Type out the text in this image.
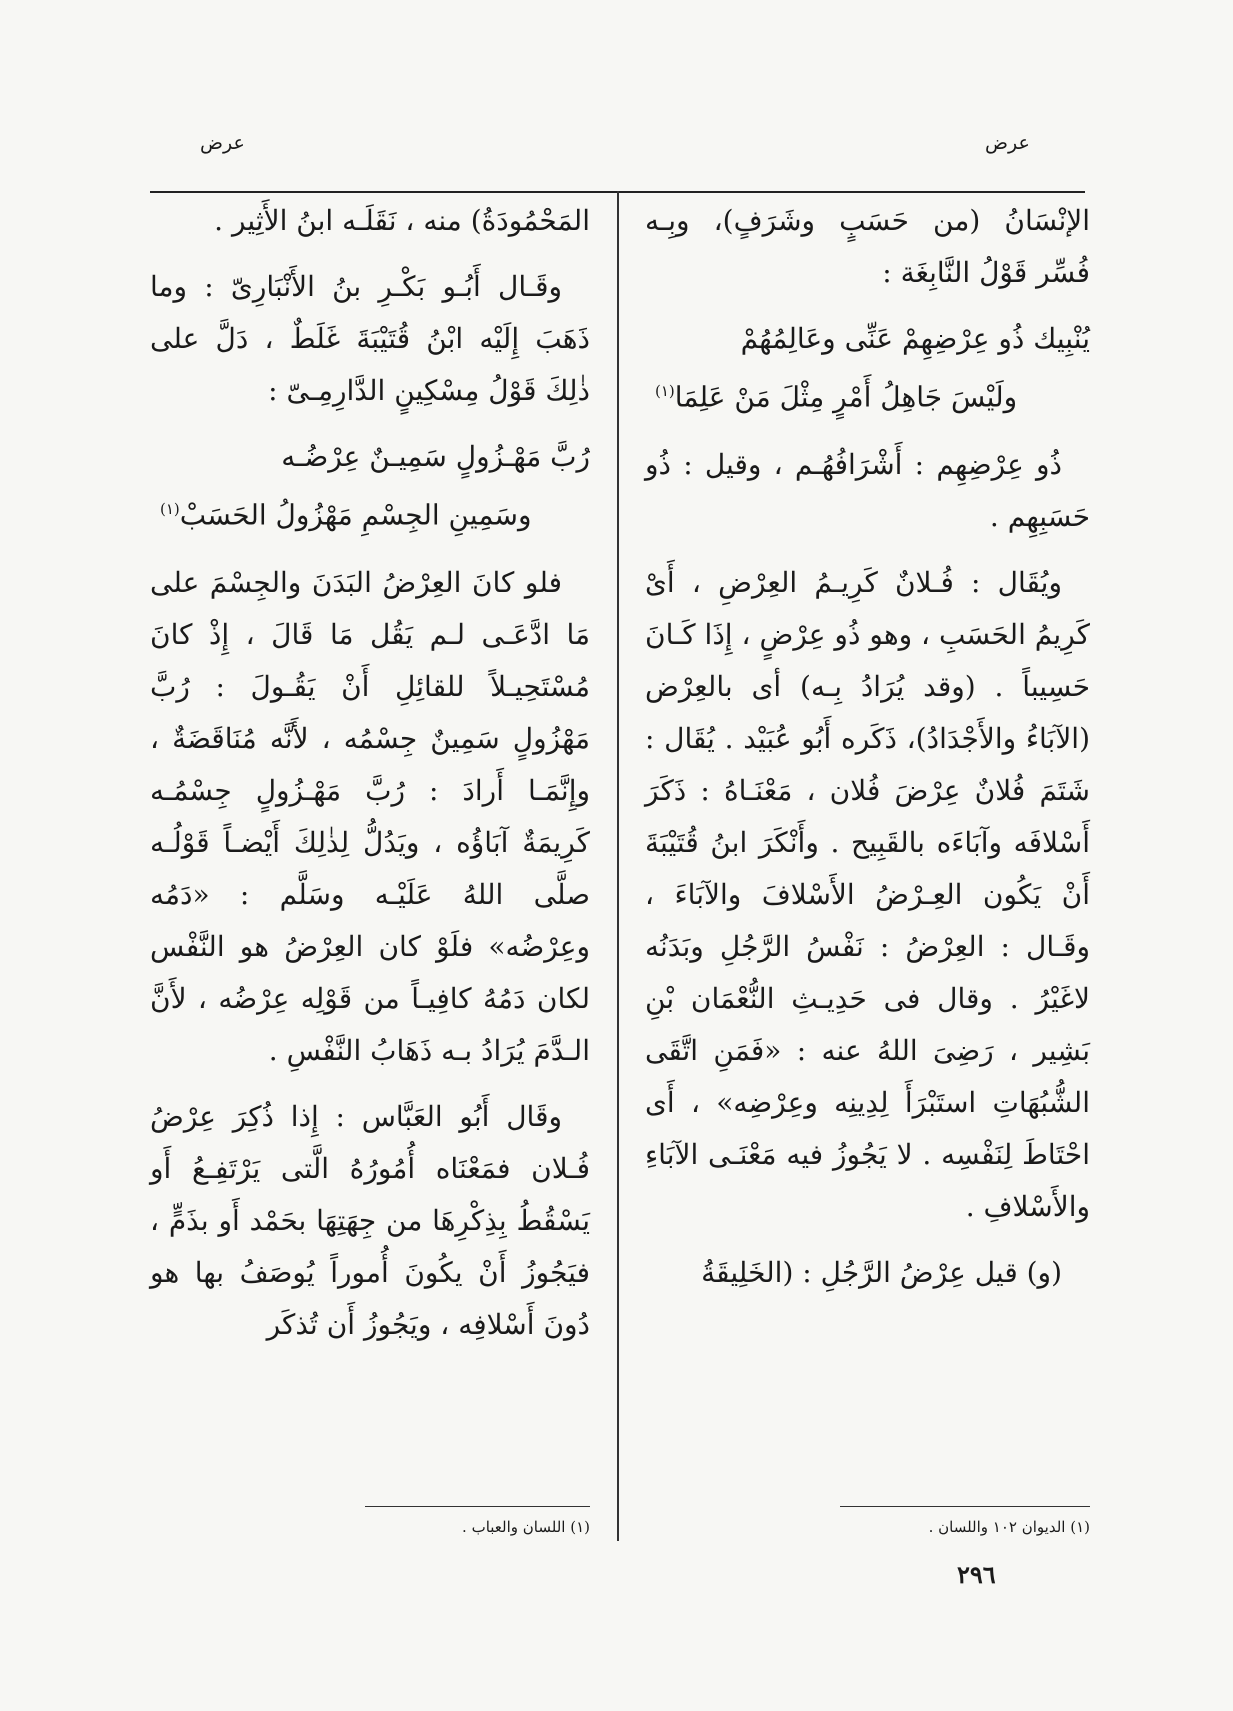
عرض
عرض

الإنْسَانُ (من حَسَبٍ وشَرَفٍ)، وبِـه فُسِّر قَوْلُ النَّابِغَة :

يُنْبِيك ذُو عِرْضِهِمْ عَنِّى وعَالِمُهُمْ
ولَيْسَ جَاهِلُ أَمْرٍ مِثْلَ مَنْ عَلِمَا$^{(١)}$

ذُو عِرْضِهِم : أَشْرَافُهُـم ، وقيل : ذُو حَسَبِهِم .

ويُقَال : فُـلانٌ كَرِيـمُ العِرْضِ ، أَىْ كَرِيمُ الحَسَبِ ، وهو ذُو عِرْضٍ ، إِذَا كَـانَ حَسِيباً . (وقد يُرَادُ بِـه) أى بالعِرْض (الآبَاءُ والأَجْدَادُ)، ذَكَره أَبُو عُبَيْد . يُقَال : شَتَمَ فُلانٌ عِرْضَ فُلان ، مَعْنَـاهُ : ذَكَرَ أَسْلافَه وآبَاءَه بالقَبِيح . وأَنْكَرَ ابنُ قُتَيْبَةَ أَنْ يَكُون العِـرْضُ الأَسْلافَ والآبَاءَ ، وقَـال : العِرْضُ : نَفْسُ الرَّجُلِ وبَدَنُه لاغَيْرُ . وقال فى حَدِيـثِ النُّعْمَان بْنِ بَشِير ، رَضِىَ اللهُ عنه : «فَمَنِ اتَّقَى الشُّبُهَاتِ استَبْرَأَ لِدِينِه وعِرْضِه» ، أَى احْتَاطَ لِنَفْسِه . لا يَجُوزُ فيه مَعْنَـى الآبَاءِ والأَسْلافِ .

(و) قيل عِرْضُ الرَّجُلِ : (الخَلِيقَةُ

المَحْمُودَةُ) منه ، نَقَلَـه ابنُ الأَثِير .

وقَـال أَبُـو بَكْـرِ بنُ الأَنْبَارِىّ : وما ذَهَبَ إِلَيْه ابْنُ قُتَيْبَةَ غَلَطٌ ، دَلَّ على ذٰلِكَ قَوْلُ مِسْكِينٍ الدَّارِمِـىّ :

رُبَّ مَهْـزُولٍ سَمِيـنٌ عِرْضُـه
وسَمِينِ الجِسْمِ مَهْزُولُ الحَسَبْ$^{(١)}$

فلو كانَ العِرْضُ البَدَنَ والجِسْمَ على مَا ادَّعَـى لـم يَقُل مَا قَالَ ، إِذْ كانَ مُسْتَحِيـلاً للقائِلِ أَنْ يَقُـولَ : رُبَّ مَهْزُولٍ سَمِينٌ جِسْمُه ، لأَنَّه مُنَاقَضَةٌ ، وإِنَّمَـا أَرادَ : رُبَّ مَهْـزُولٍ جِسْمُـه كَرِيمَةٌ آبَاؤُه ، ويَدُلُّ لِذٰلِكَ أَيْضـاً قَوْلُـه صلَّى اللهُ عَلَيْـه وسَلَّم : «دَمُه وعِرْضُه» فلَوْ كان العِرْضُ هو النَّفْس لكان دَمُهُ كافِيـاً من قَوْلِه عِرْضُه ، لأَنَّ الـدَّمَ يُرَادُ بـه ذَهَابُ النَّفْسِ .

وقَال أَبُو العَبَّاس : إِذا ذُكِرَ عِرْضُ فُـلان فمَعْنَاه أُمُورُهُ الَّتى يَرْتَفِـعُ أَو يَسْقُطُ بِذِكْرِهَا من جِهَتِهَا بحَمْد أَو بذَمٍّ ، فيَجُوزُ أَنْ يكُونَ أُموراً يُوصَفُ بها هو دُونَ أَسْلافِه ، ويَجُوزُ أَن تُذكَر

(١) الديوان ١٠٢ واللسان .
(١) اللسان والعباب .
٢٩٦
